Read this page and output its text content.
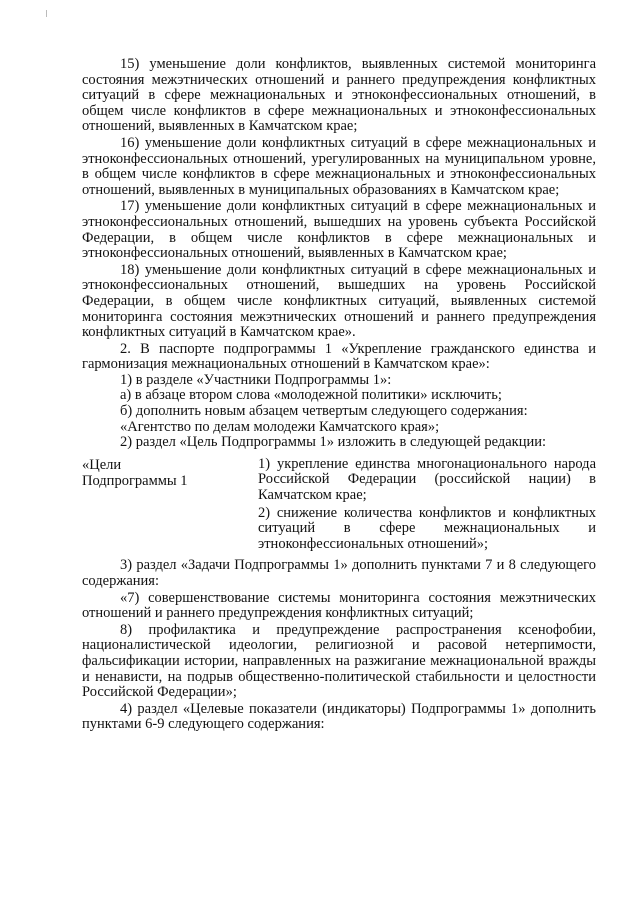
15) уменьшение доли конфликтов, выявленных системой мониторинга состояния межэтнических отношений и раннего предупреждения конфликтных ситуаций в сфере межнациональных и этноконфессиональных отношений, в общем числе конфликтов в сфере межнациональных и этноконфессиональных отношений, выявленных в Камчатском крае;

16) уменьшение доли конфликтных ситуаций в сфере межнациональных и этноконфессиональных отношений, урегулированных на муниципальном уровне, в общем числе конфликтов в сфере межнациональных и этноконфессиональных отношений, выявленных в муниципальных образованиях в Камчатском крае;

17) уменьшение доли конфликтных ситуаций в сфере межнациональных и этноконфессиональных отношений, вышедших на уровень субъекта Российской Федерации, в общем числе конфликтов в сфере межнациональных и этноконфессиональных отношений, выявленных в Камчатском крае;

18) уменьшение доли конфликтных ситуаций в сфере межнациональных и этноконфессиональных отношений, вышедших на уровень Российской Федерации, в общем числе конфликтных ситуаций, выявленных системой мониторинга состояния межэтнических отношений и раннего предупреждения конфликтных ситуаций в Камчатском крае».

2. В паспорте подпрограммы 1 «Укрепление гражданского единства и гармонизация межнациональных отношений в Камчатском крае»:

1) в разделе «Участники Подпрограммы 1»:

а) в абзаце втором слова «молодежной политики» исключить;

б) дополнить новым абзацем четвертым следующего содержания:

«Агентство по делам молодежи Камчатского края»;

2) раздел «Цель Подпрограммы 1» изложить в следующей редакции:

«Цели
Подпрограммы 1

1) укрепление единства многонационального народа Российской Федерации (российской нации) в Камчатском крае;

2) снижение количества конфликтов и конфликтных ситуаций в сфере межнациональных и этноконфессиональных отношений»;

3) раздел «Задачи Подпрограммы 1» дополнить пунктами 7 и 8 следующего содержания:

«7) совершенствование системы мониторинга состояния межэтнических отношений и раннего предупреждения конфликтных ситуаций;

8) профилактика и предупреждение распространения ксенофобии, националистической идеологии, религиозной и расовой нетерпимости, фальсификации истории, направленных на разжигание межнациональной вражды и ненависти, на подрыв общественно-политической стабильности и целостности Российской Федерации»;

4) раздел «Целевые показатели (индикаторы) Подпрограммы 1» дополнить пунктами 6-9 следующего содержания:
